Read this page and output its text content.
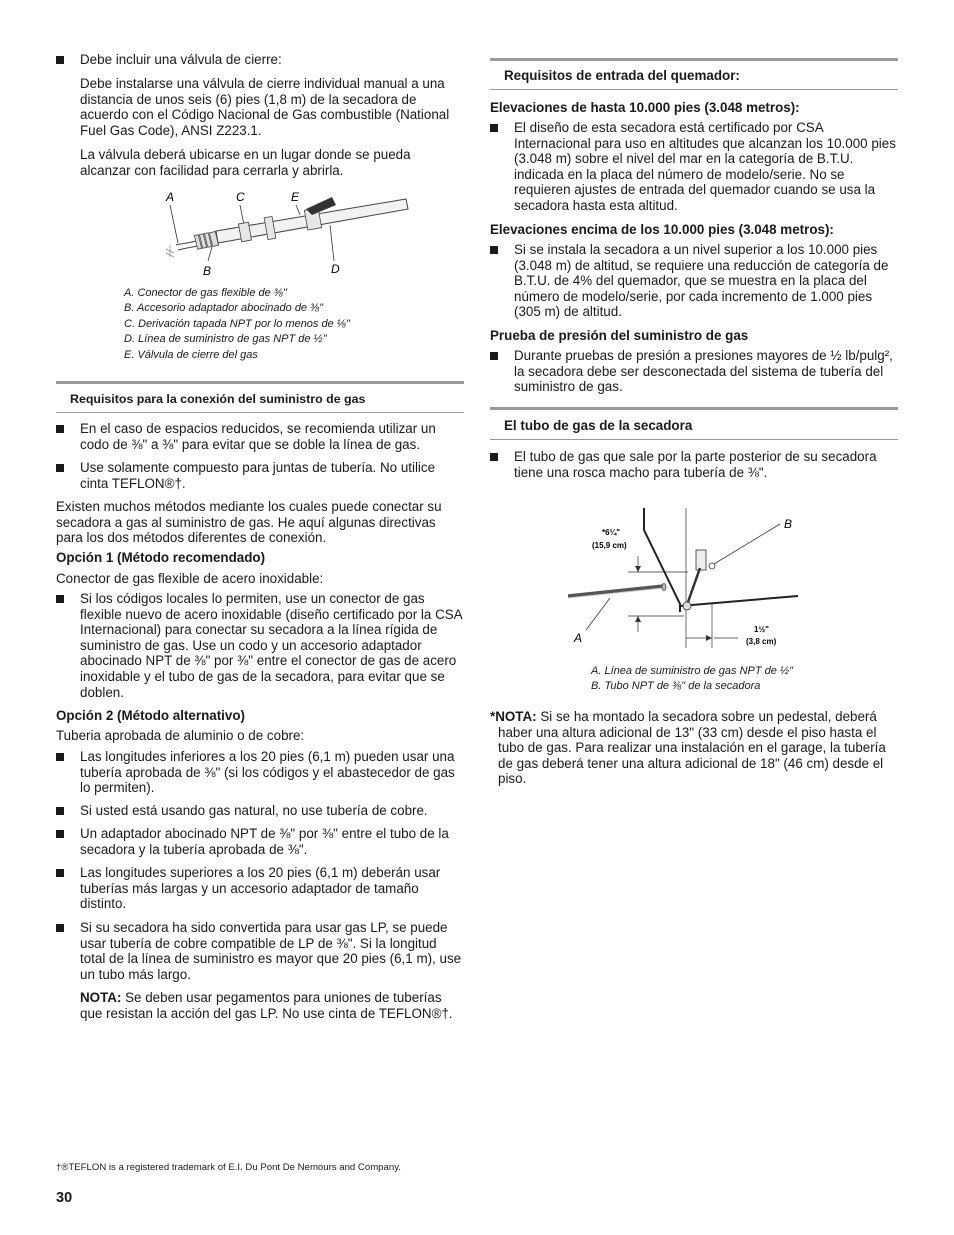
Debe incluir una válvula de cierre:
Debe instalarse una válvula de cierre individual manual a una distancia de unos seis (6) pies (1,8 m) de la secadora de acuerdo con el Código Nacional de Gas combustible (National Fuel Gas Code), ANSI Z223.1.
La válvula deberá ubicarse en un lugar donde se pueda alcanzar con facilidad para cerrarla y abrirla.
A	C	E
B	D
A. Conector de gas flexible de ⅜"
B. Accesorio adaptador abocinado de ⅜"
C. Derivación tapada NPT por lo menos de ⅛"
D. Línea de suministro de gas NPT de ½"
E. Válvula de cierre del gas
Requisitos para la conexión del suministro de gas
En el caso de espacios reducidos, se recomienda utilizar un codo de ⅜" a ⅜" para evitar que se doble la línea de gas.
Use solamente compuesto para juntas de tubería. No utilice cinta TEFLON®†.
Existen muchos métodos mediante los cuales puede conectar su secadora a gas al suministro de gas. He aquí algunas directivas para los dos métodos diferentes de conexión.
Opción 1 (Método recomendado)
Conector de gas flexible de acero inoxidable:
Si los códigos locales lo permiten, use un conector de gas flexible nuevo de acero inoxidable (diseño certificado por la CSA Internacional) para conectar su secadora a la línea rígida de suministro de gas. Use un codo y un accesorio adaptador abocinado NPT de ⅜" por ⅜" entre el conector de gas de acero inoxidable y el tubo de gas de la secadora, para evitar que se doblen.
Opción 2 (Método alternativo)
Tuberia aprobada de aluminio o de cobre:
Las longitudes inferiores a los 20 pies (6,1 m) pueden usar una tubería aprobada de ⅜" (si los códigos y el abastecedor de gas lo permiten).
Si usted está usando gas natural, no use tubería de cobre.
Un adaptador abocinado NPT de ⅜" por ⅜" entre el tubo de la secadora y la tubería aprobada de ⅜".
Las longitudes superiores a los 20 pies (6,1 m) deberán usar tuberías más largas y un accesorio adaptador de tamaño distinto.
Si su secadora ha sido convertida para usar gas LP, se puede usar tubería de cobre compatible de LP de ⅜". Si la longitud total de la línea de suministro es mayor que 20 pies (6,1 m), use un tubo más largo.
NOTA: Se deben usar pegamentos para uniones de tuberías que resistan la acción del gas LP. No use cinta de TEFLON®†.
Requisitos de entrada del quemador:
Elevaciones de hasta 10.000 pies (3.048 metros):
El diseño de esta secadora está certificado por CSA Internacional para uso en altitudes que alcanzan los 10.000 pies (3.048 m) sobre el nivel del mar en la categoría de B.T.U. indicada en la placa del número de modelo/serie. No se requieren ajustes de entrada del quemador cuando se usa la secadora hasta esta altitud.
Elevaciones encima de los 10.000 pies (3.048 metros):
Si se instala la secadora a un nivel superior a los 10.000 pies (3.048 m) de altitud, se requiere una reducción de categoría de B.T.U. de 4% del quemador, que se muestra en la placa del número de modelo/serie, por cada incremento de 1.000 pies (305 m) de altitud.
Prueba de presión del suministro de gas
Durante pruebas de presión a presiones mayores de ½ lb/pulg², la secadora debe ser desconectada del sistema de tubería del suministro de gas.
El tubo de gas de la secadora
El tubo de gas que sale por la parte posterior de su secadora tiene una rosca macho para tubería de ⅜".
B
A
*6¼"
(15,9 cm)
1½"
(3,8 cm)
A. Línea de suministro de gas NPT de ½"
B. Tubo NPT de ⅜" de la secadora
*NOTA: Si se ha montado la secadora sobre un pedestal, deberá haber una altura adicional de 13" (33 cm) desde el piso hasta el tubo de gas. Para realizar una instalación en el garage, la tubería de gas deberá tener una altura adicional de 18" (46 cm) desde el piso.
†®TEFLON is a registered trademark of E.I. Du Pont De Nemours and Company.
30
